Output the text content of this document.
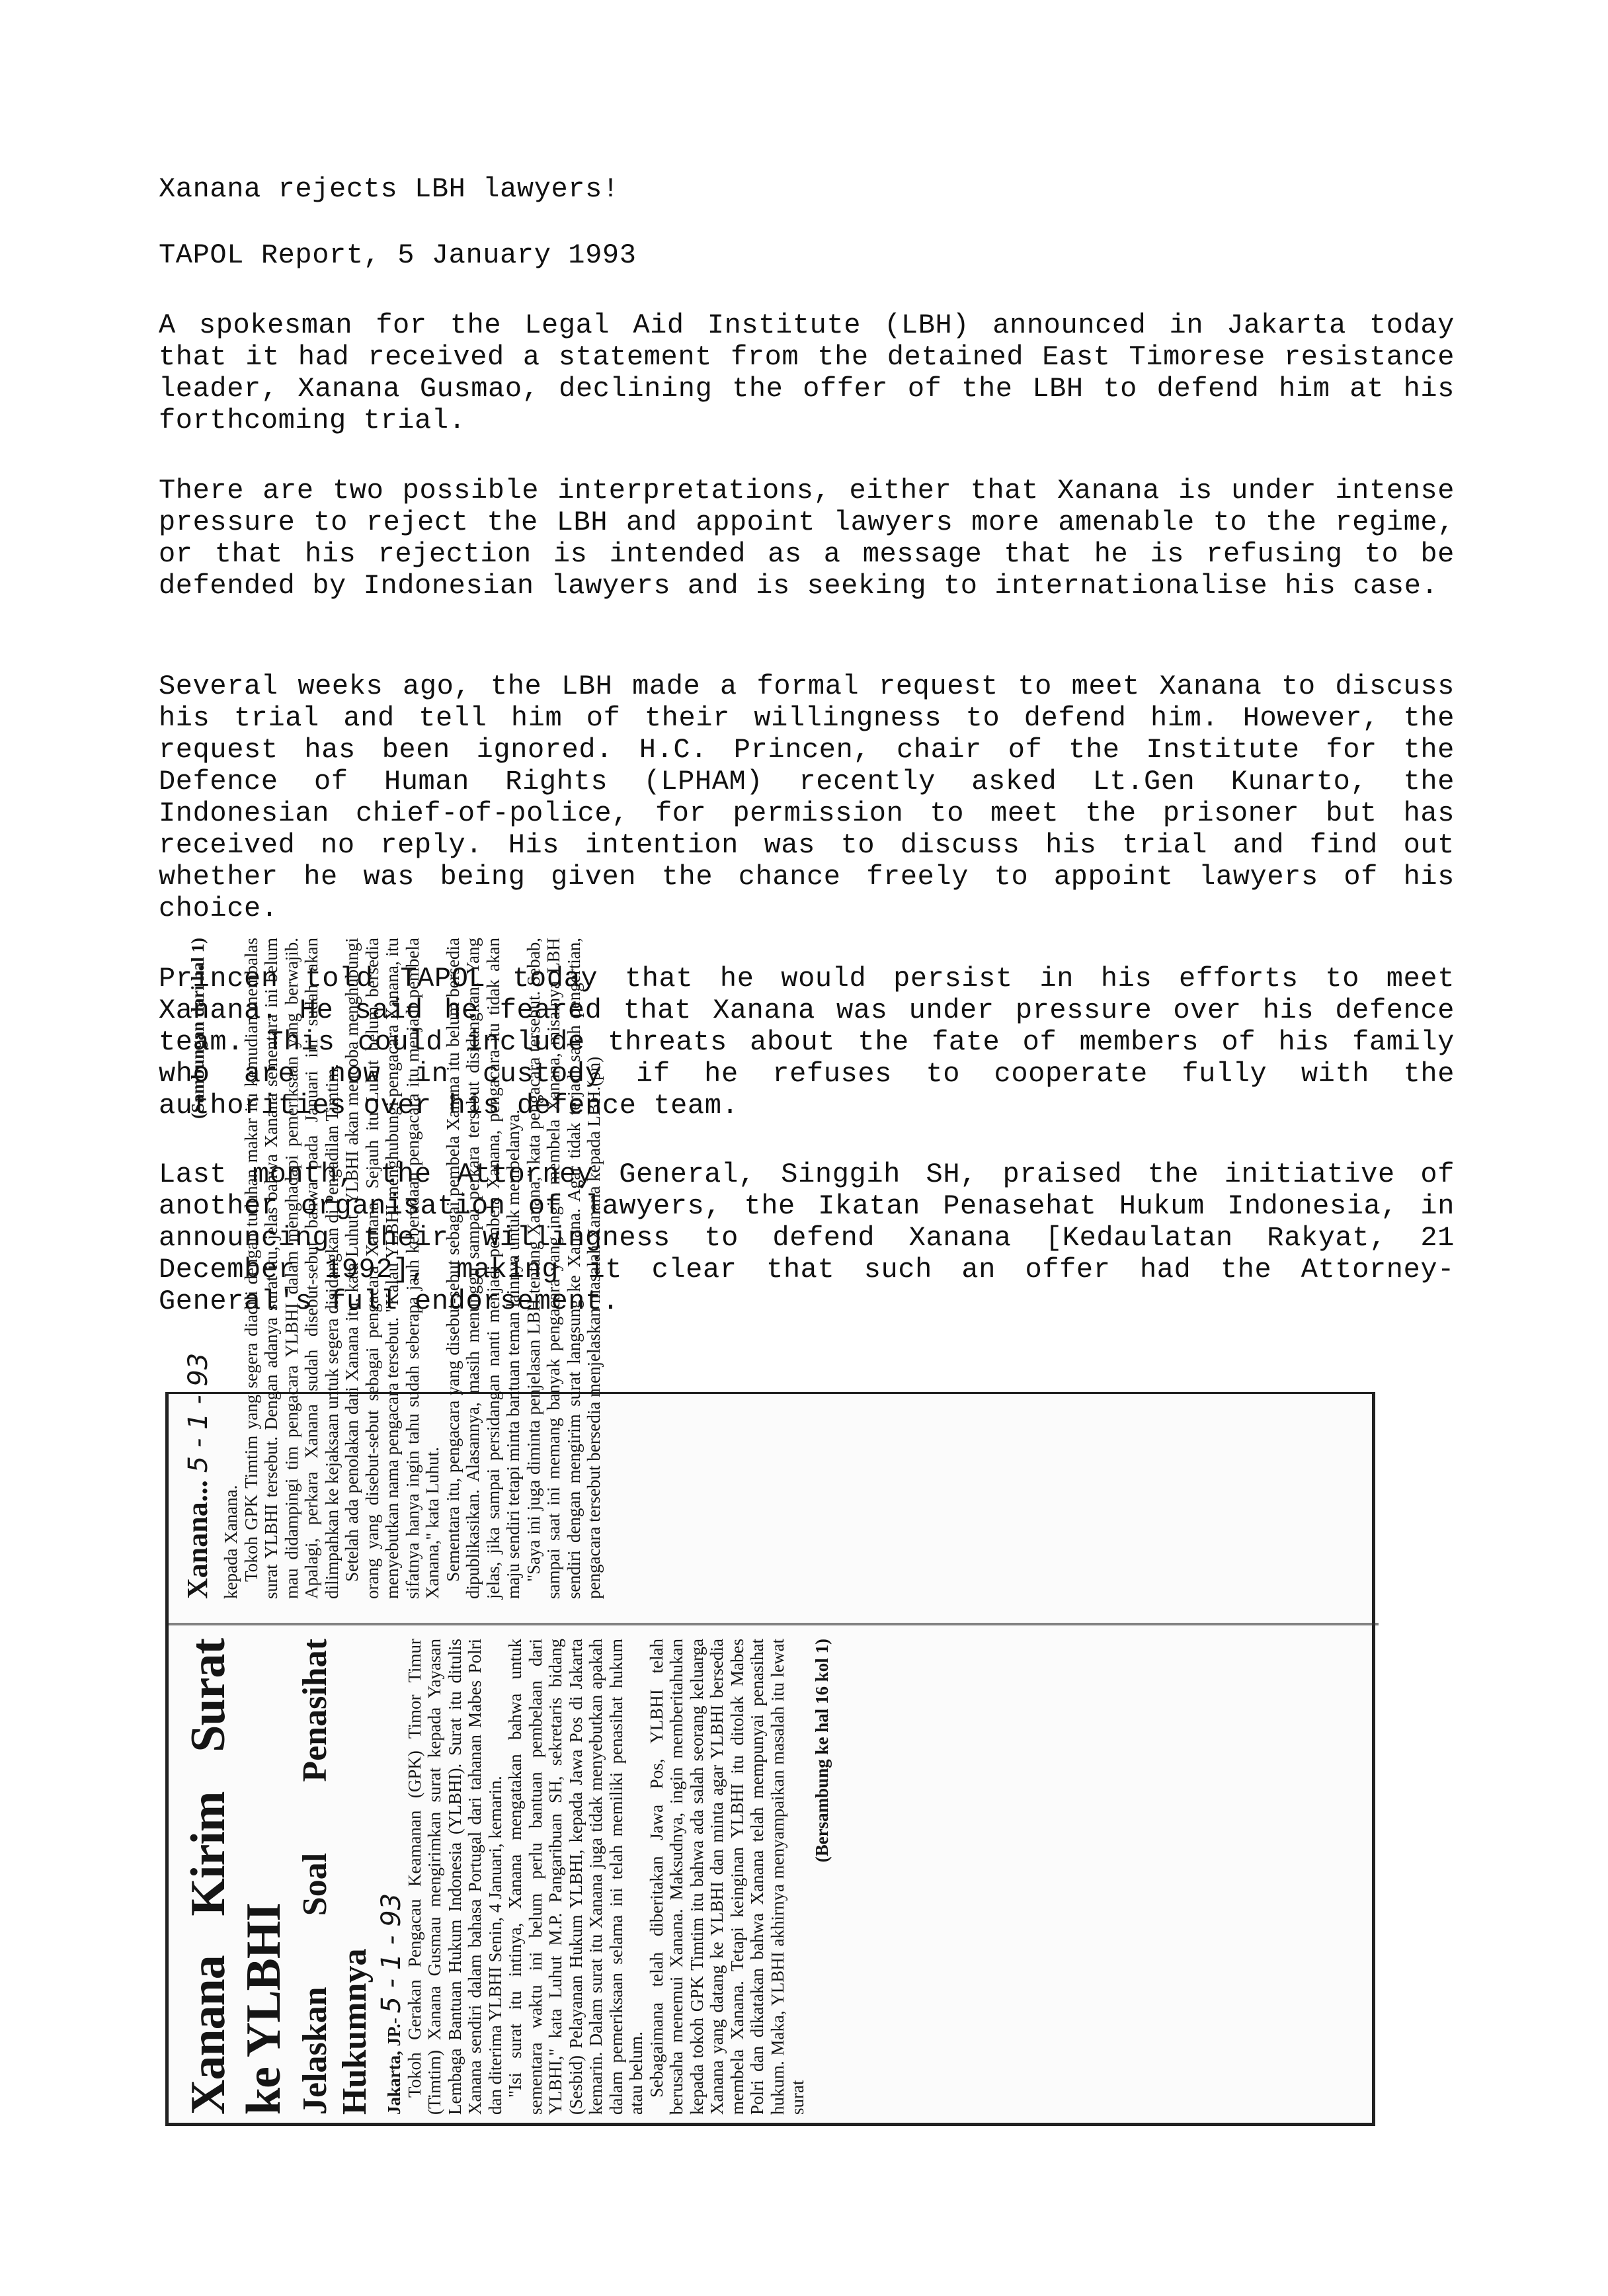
Xanana rejects LBH lawyers!
TAPOL Report, 5 January 1993

A spokesman for the Legal Aid Institute (LBH) announced in Jakarta today that it had received a statement from the detained East Timorese resistance leader, Xanana Gusmao, declining the offer of the LBH to defend him at his forthcoming trial.

There are two possible interpretations, either that Xanana is under intense pressure to reject the LBH and appoint lawyers more amenable to the regime, or that his rejection is intended as a message that he is refusing to be defended by Indonesian lawyers and is seeking to internationalise his case.

Several weeks ago, the LBH made a formal request to meet Xanana to discuss his trial and tell him of their willingness to defend him. However, the request has been ignored. H.C. Princen, chair of the Institute for the Defence of Human Rights (LPHAM) recently asked Lt.Gen Kunarto, the Indonesian chief-of-police, for permission to meet the prisoner but has received no reply. His intention was to discuss his trial and find out whether he was being given the chance freely to appoint lawyers of his choice.

Princen told TAPOL today that he would persist in his efforts to meet Xanana. He said he feared that Xanana was under pressure over his defence team. This could include threats about the fate of members of his family who are now in custody if he refuses to cooperate fully with the authorities over his defence team.

Last month, the Attorney General, Singgih SH, praised the initiative of another organisation of lawyers, the Ikatan Penasehat Hukum Indonesia, in announcing their willingness to defend Xanana [Kedaulatan Rakyat, 21 December 1992], making it clear that such an offer had the Attorney-General's full endorsement.

Xanana Kirim Surat ke YLBHI Jelaskan Soal Penasihat Hukumnya Jakarta, JP.- 5 - 1 - 93

Tokoh Gerakan Pengacau Keamanan (GPK) Timor Timur (Timtim) Xanana Gusmau mengirimkan surat kepada Yayasan Lembaga Bantuan Hukum Indonesia (YLBHI). Surat itu ditulis Xanana sendiri dalam bahasa Portugal dari tahanan Mabes Polri dan diterima YLBHI Senin, 4 Januari, kemarin. "Isi surat itu intinya, Xanana mengatakan bahwa untuk sementara waktu ini belum perlu bantuan pembelaan dari YLBHI," kata Luhut M.P. Pangaribuan SH, sekretaris bidang (Sesbid) Pelayanan Hukum YLBHI, kepada Jawa Pos di Jakarta kemarin. Dalam surat itu Xanana juga tidak menyebutkan apakah dalam pemeriksaan selama ini telah memiliki penasihat hukum atau belum. Sebagaimana telah diberitakan Jawa Pos, YLBHI telah berusaha menemui Xanana. Maksudnya, ingin memberitahukan kepada tokoh GPK Timtim itu bahwa ada salah seorang keluarga Xanana yang datang ke YLBHI dan minta agar YLBHI bersedia membela Xanana. Tetapi keinginan YLBHI itu ditolak Mabes Polri dan dikatakan bahwa Xanana telah mempunyai penasihat hukum. Maka, YLBHI akhirnya menyampaikan masalah itu lewat surat

(Bersambung ke hal 16 kol 1)

Xanana... 5 - 1 - 93
(Sambungan dari hal 1)

kepada Xanana. Tokoh GPK Timtim yang segera diadili dengan tuduhan makar itu kemudian membalas surat YLBHI tersebut. Dengan adanya surat itu, jelas bahwa Xanana sementara ini belum mau didampingi tim pengacara YLBHI dalam menghadapi pemeriksaan yang berwajib. Apalagi, perkara Xanana sudah disebut-sebut bahwa pada Januari ini sudah akan dilimpahkan ke kejaksaan untuk segera disidangkan di Pengadilan Timtim. Setelah ada penolakan dari Xanana itu, kata Luhut, YLBHI akan mencoba menghubungi orang yang disebut-sebut sebagai pengacara Xanana. Sejauh itu Luhut belum bersedia menyebutkan nama pengacara tersebut. "Kalau YLBHI menghubungi pengacara Xanana, itu sifatnya hanya ingin tahu sudah seberapa jauh keberadaan pengacara itu menjadi pembela Xanana," kata Luhut. Sementara itu, pengacara yang disebut-sebut sebagai pembela Xanana itu belum bersedia dipublikasikan. Alasannya, masih menunggu sampai perkara tersebut disidangkan. Yang jelas, jika sampai persidangan nanti menjadi pembela Xanana, pengacara itu tidak akan maju sendiri tetapi minta bantuan teman lainnya untuk membelanya. "Saya ini juga diminta penjelasan LBH tentang Xanana," kata pengacara tersebut. Sebab, sampai saat ini memang banyak pengacara yang ingin membela Xanana, misalnya LBH sendiri dengan mengirim surat langsung ke Xanana. Agar tidak terjadi salah pengertian, pengacara tersebut bersedia menjelaskan masalah Xanana kepada LBH.(pn)
